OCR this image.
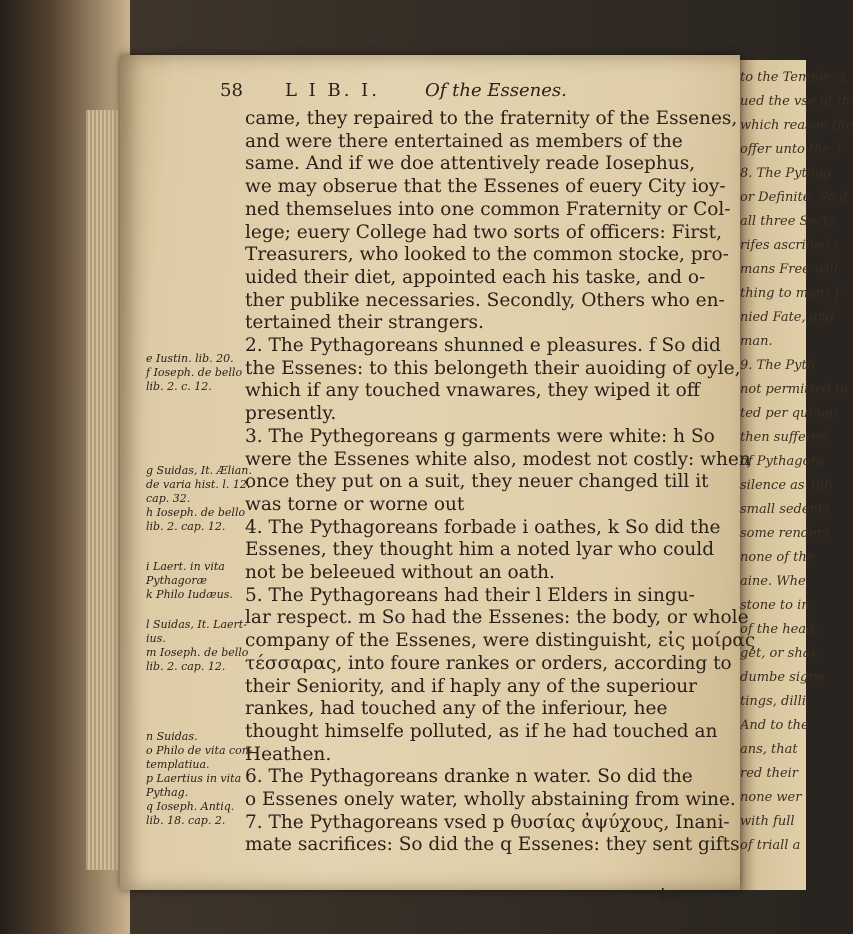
to the Temple, a
ued the vse of th
which reason the
offer unto the T
8. The Pythag
or Definite. So d
all three Sects
rifes ascribed t
mans Free-will
thing to mans f
nied Fate, and
man.
9. The Pyth
not permitted to
ted per quinqu
then suffered
of Pythagora
silence as Tab
small sedents
some renders
none of the
aine. Whe
stone to in
of the head,
get, or shak
dumbe signe
tings, dilli
And to the
ans, that
red their
none wer
with full
of triall a
58 L I B. I. Of the Essenes.
came, they repaired to the fraternity of the Essenes,
and were there entertained as members of the
same. And if we doe attentively reade Iosephus,
we may obserue that the Essenes of euery City ioy-
ned themselues into one common Fraternity or Col-
lege; euery College had two sorts of officers: First,
Treasurers, who looked to the common stocke, pro-
uided their diet, appointed each his taske, and o-
ther publike necessaries. Secondly, Others who en-
tertained their strangers.
2. The Pythagoreans shunned e pleasures. f So did
the Essenes: to this belongeth their auoiding of oyle,
which if any touched vnawares, they wiped it off
presently.
3. The Pythegoreans g garments were white: h So
were the Essenes white also, modest not costly: when
once they put on a suit, they neuer changed till it
was torne or worne out
4. The Pythagoreans forbade i oathes, k So did the
Essenes, they thought him a noted lyar who could
not be beleeued without an oath.
5. The Pythagoreans had their l Elders in singu-
lar respect. m So had the Essenes: the body, or whole
company of the Essenes, were distinguisht, εἰς μοίρας
τέσσαρας, into foure rankes or orders, according to
their Seniority, and if haply any of the superiour
rankes, had touched any of the inferiour, hee
thought himselfe polluted, as if he had touched an
Heathen.
6. The Pythagoreans dranke n water. So did the
o Essenes onely water, wholly abstaining from wine.
7. The Pythagoreans vsed p θυσίας ἀψύχους, Inani-
mate sacrifices: So did the q Essenes: they sent gifts
e Iustin. lib. 20.
f Ioseph. de bello
lib. 2. c. 12.
g Suidas, It. Ælian.
de varia hist. l. 12.
cap. 32.
h Ioseph. de bello
lib. 2. cap. 12.
i Laert. in vita
Pythagoræ
k Philo Iudæus.
l Suidas, It. Laert-
ius.
m Ioseph. de bello
lib. 2. cap. 12.
n Suidas.
o Philo de vita con-
templatiua.
p Laertius in vita
Pythag.
q Ioseph. Antiq.
lib. 18. cap. 2.
to
